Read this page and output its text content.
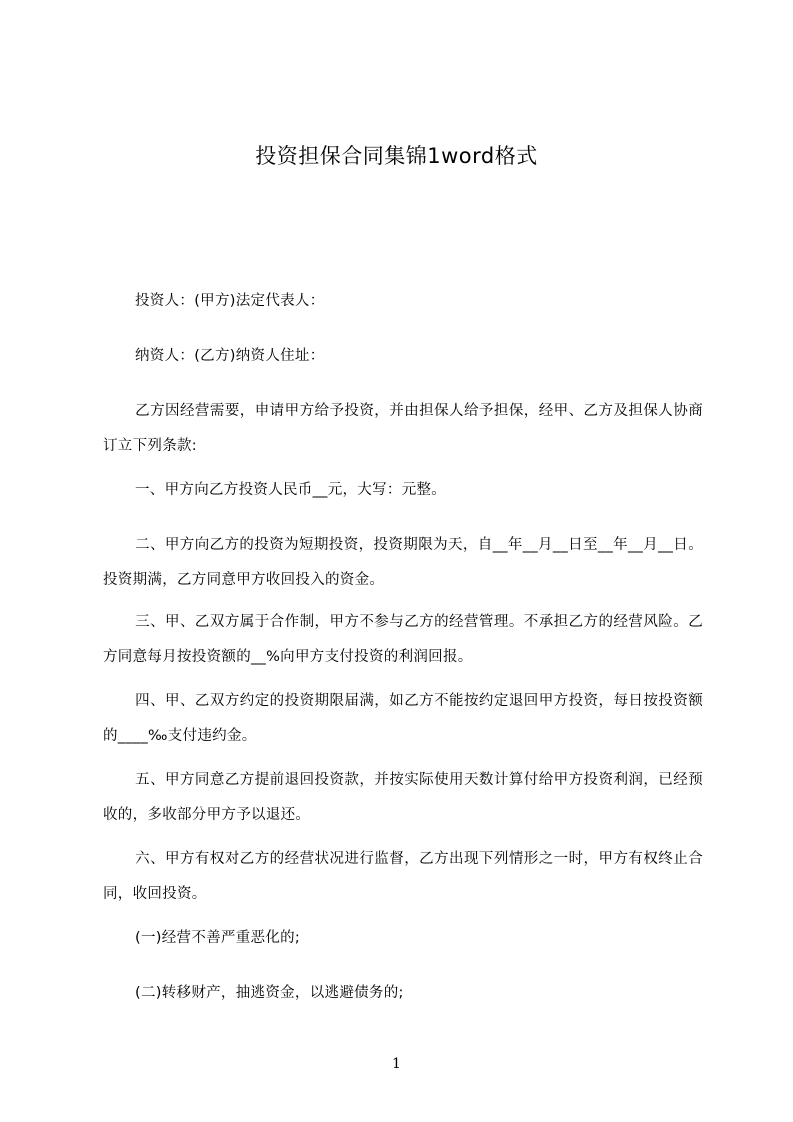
投资担保合同集锦1word格式
投资人：(甲方)法定代表人：
纳资人：(乙方)纳资人住址：
乙方因经营需要，申请甲方给予投资，并由担保人给予担保，经甲、乙方及担保人协商订立下列条款:
一、甲方向乙方投资人民币__元，大写：元整。
二、甲方向乙方的投资为短期投资，投资期限为天，自__年__月__日至__年__月__日。投资期满，乙方同意甲方收回投入的资金。
三、甲、乙双方属于合作制，甲方不参与乙方的经营管理。不承担乙方的经营风险。乙方同意每月按投资额的__%向甲方支付投资的利润回报。
四、甲、乙双方约定的投资期限届满，如乙方不能按约定退回甲方投资，每日按投资额的____‰支付违约金。
五、甲方同意乙方提前退回投资款，并按实际使用天数计算付给甲方投资利润，已经预收的，多收部分甲方予以退还。
六、甲方有权对乙方的经营状况进行监督，乙方出现下列情形之一时，甲方有权终止合同，收回投资。
(一)经营不善严重恶化的;
(二)转移财产，抽逃资金，以逃避债务的;
1
